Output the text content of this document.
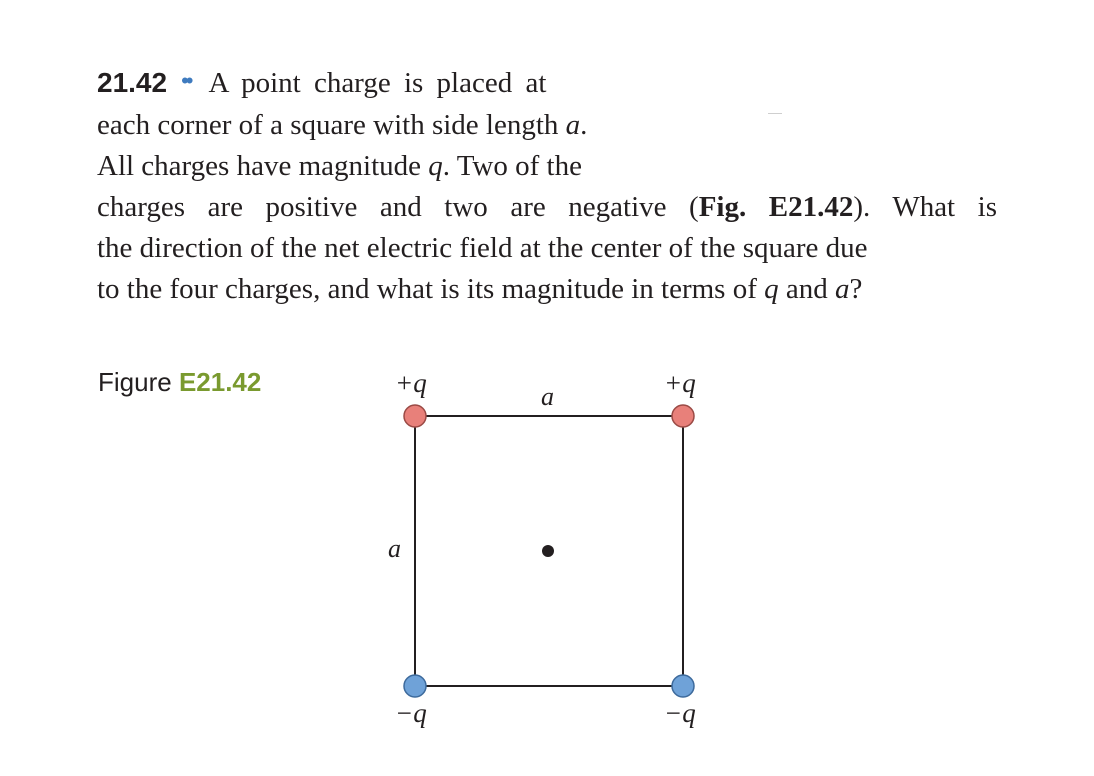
21.42 •• A point charge is placed at
each corner of a square with side length a.
All charges have magnitude q. Two of the
charges are positive and two are negative (Fig. E21.42). What is
the direction of the net electric field at the center of the square due
to the four charges, and what is its magnitude in terms of q and a?
Figure E21.42	+q	+q
−q	−q
a
a
